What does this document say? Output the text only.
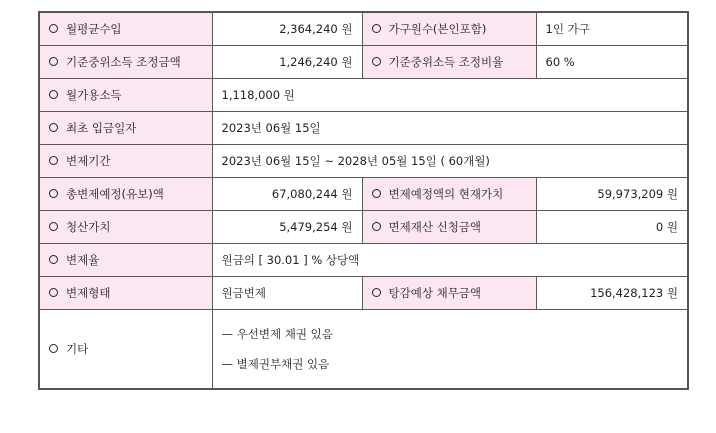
월평균수입	2,364,240 원	가구원수(본인포함)	1인 가구
기준중위소득 조정금액	1,246,240 원	기준중위소득 조정비율	60 %
월가용소득	1,118,000 원		
최초 입금일자	2023년 06월 15일		
변제기간	2023년 06월 15일 ~ 2028년 05월 15일 ( 60개월)		
총변제예정(유보)액	67,080,244 원	변제예정액의 현재가치	59,973,209 원
청산가치	5,479,254 원	면제재산 신청금액	0 원
변제율	원금의 [ 30.01 ] % 상당액		
변제형태	원금변제	탕감예상 채무금액	156,428,123 원
기타	— 우선변제 채권 있음
— 별제권부채권 있음		
